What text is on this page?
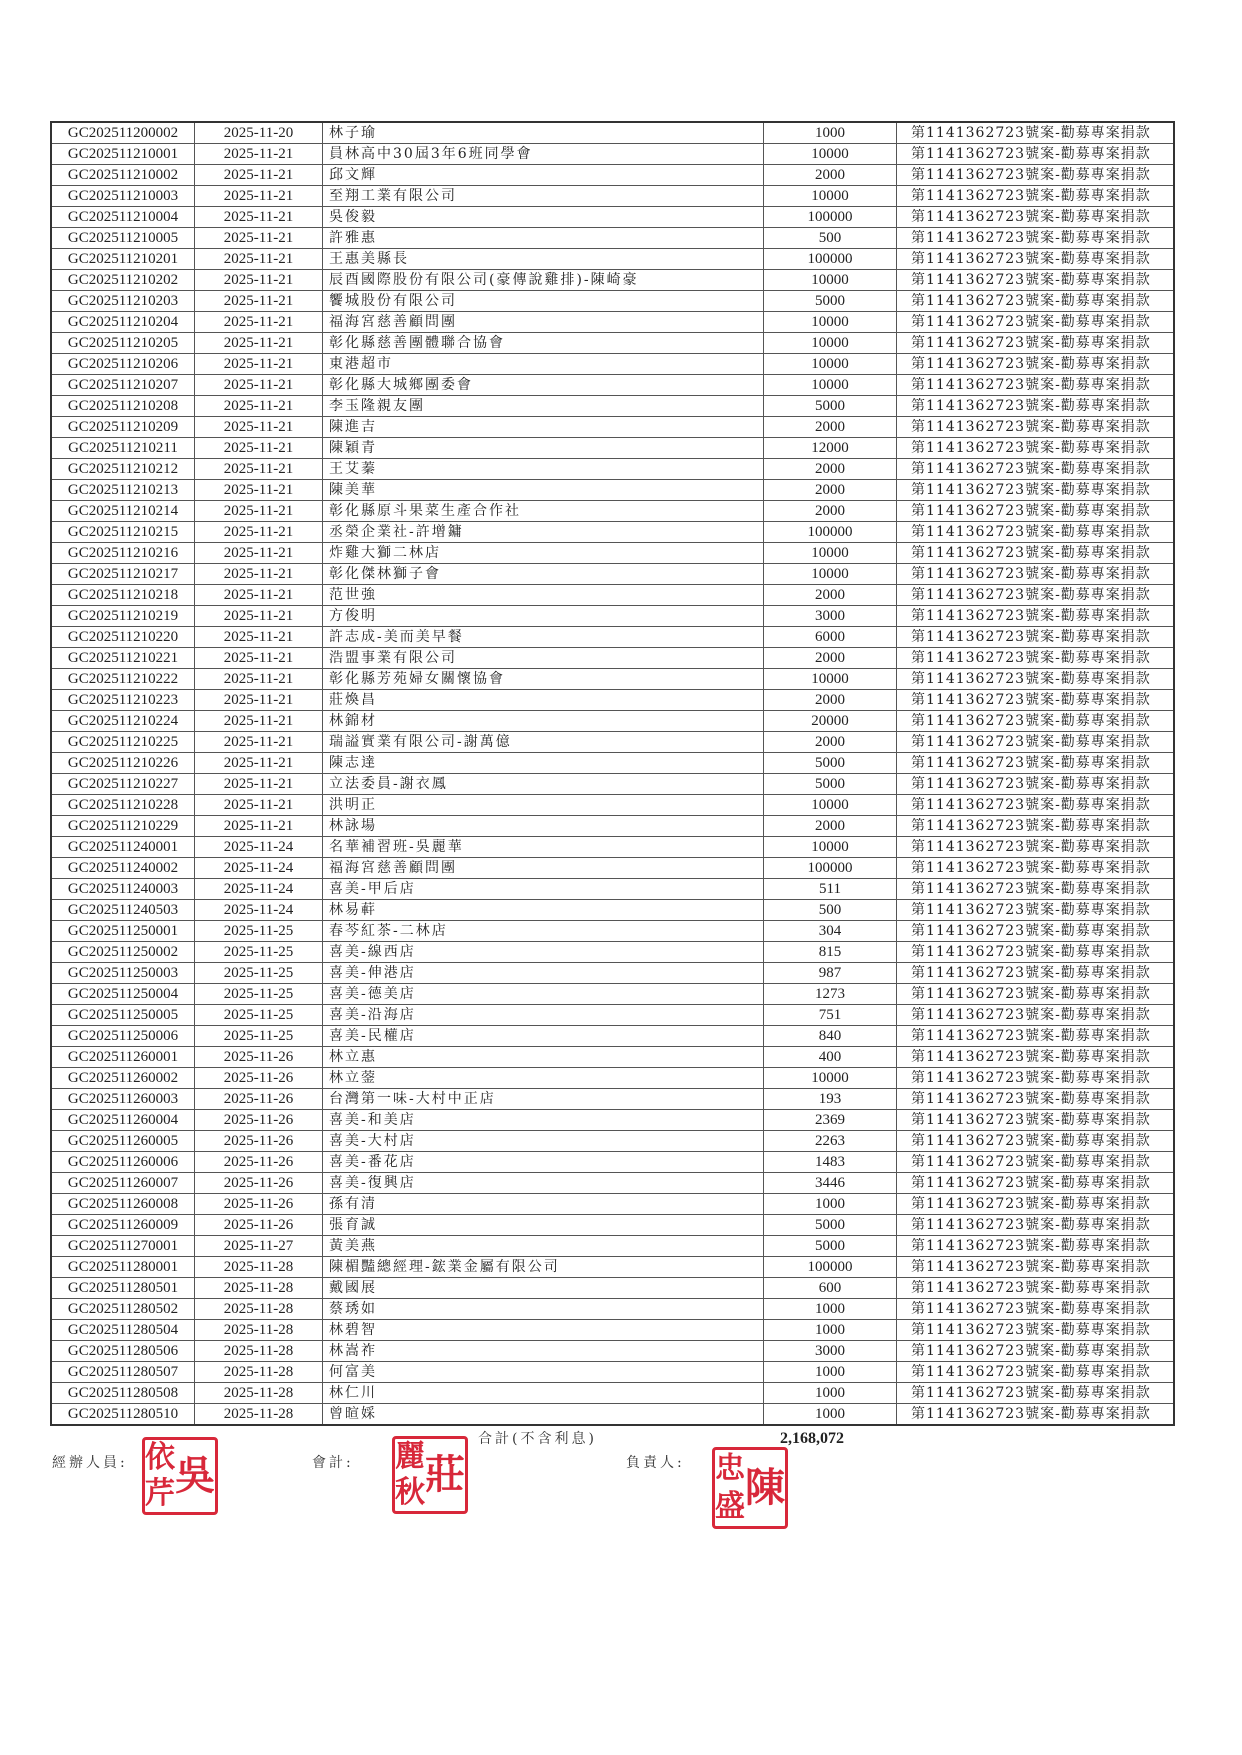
GC202511200002	2025-11-20	林子瑜	1000	第1141362723號案-勸募專案捐款
GC202511210001	2025-11-21	員林高中30屆3年6班同學會	10000	第1141362723號案-勸募專案捐款
GC202511210002	2025-11-21	邱文輝	2000	第1141362723號案-勸募專案捐款
GC202511210003	2025-11-21	至翔工業有限公司	10000	第1141362723號案-勸募專案捐款
GC202511210004	2025-11-21	吳俊毅	100000	第1141362723號案-勸募專案捐款
GC202511210005	2025-11-21	許雅惠	500	第1141362723號案-勸募專案捐款
GC202511210201	2025-11-21	王惠美縣長	100000	第1141362723號案-勸募專案捐款
GC202511210202	2025-11-21	辰酉國際股份有限公司(豪傳說雞排)-陳崎豪	10000	第1141362723號案-勸募專案捐款
GC202511210203	2025-11-21	饗城股份有限公司	5000	第1141362723號案-勸募專案捐款
GC202511210204	2025-11-21	福海宮慈善顧問團	10000	第1141362723號案-勸募專案捐款
GC202511210205	2025-11-21	彰化縣慈善團體聯合協會	10000	第1141362723號案-勸募專案捐款
GC202511210206	2025-11-21	東港超市	10000	第1141362723號案-勸募專案捐款
GC202511210207	2025-11-21	彰化縣大城鄉團委會	10000	第1141362723號案-勸募專案捐款
GC202511210208	2025-11-21	李玉隆親友團	5000	第1141362723號案-勸募專案捐款
GC202511210209	2025-11-21	陳進吉	2000	第1141362723號案-勸募專案捐款
GC202511210211	2025-11-21	陳穎青	12000	第1141362723號案-勸募專案捐款
GC202511210212	2025-11-21	王艾蓁	2000	第1141362723號案-勸募專案捐款
GC202511210213	2025-11-21	陳美華	2000	第1141362723號案-勸募專案捐款
GC202511210214	2025-11-21	彰化縣原斗果菜生產合作社	2000	第1141362723號案-勸募專案捐款
GC202511210215	2025-11-21	丞榮企業社-許增鏞	100000	第1141362723號案-勸募專案捐款
GC202511210216	2025-11-21	炸雞大獅二林店	10000	第1141362723號案-勸募專案捐款
GC202511210217	2025-11-21	彰化傑林獅子會	10000	第1141362723號案-勸募專案捐款
GC202511210218	2025-11-21	范世強	2000	第1141362723號案-勸募專案捐款
GC202511210219	2025-11-21	方俊明	3000	第1141362723號案-勸募專案捐款
GC202511210220	2025-11-21	許志成-美而美早餐	6000	第1141362723號案-勸募專案捐款
GC202511210221	2025-11-21	浩盟事業有限公司	2000	第1141362723號案-勸募專案捐款
GC202511210222	2025-11-21	彰化縣芳苑婦女關懷協會	10000	第1141362723號案-勸募專案捐款
GC202511210223	2025-11-21	莊煥昌	2000	第1141362723號案-勸募專案捐款
GC202511210224	2025-11-21	林錦材	20000	第1141362723號案-勸募專案捐款
GC202511210225	2025-11-21	瑞謚實業有限公司-謝萬億	2000	第1141362723號案-勸募專案捐款
GC202511210226	2025-11-21	陳志達	5000	第1141362723號案-勸募專案捐款
GC202511210227	2025-11-21	立法委員-謝衣鳳	5000	第1141362723號案-勸募專案捐款
GC202511210228	2025-11-21	洪明正	10000	第1141362723號案-勸募專案捐款
GC202511210229	2025-11-21	林詠場	2000	第1141362723號案-勸募專案捐款
GC202511240001	2025-11-24	名華補習班-吳麗華	10000	第1141362723號案-勸募專案捐款
GC202511240002	2025-11-24	福海宮慈善顧問團	100000	第1141362723號案-勸募專案捐款
GC202511240003	2025-11-24	喜美-甲后店	511	第1141362723號案-勸募專案捐款
GC202511240503	2025-11-24	林易蓒	500	第1141362723號案-勸募專案捐款
GC202511250001	2025-11-25	春芩紅茶-二林店	304	第1141362723號案-勸募專案捐款
GC202511250002	2025-11-25	喜美-線西店	815	第1141362723號案-勸募專案捐款
GC202511250003	2025-11-25	喜美-伸港店	987	第1141362723號案-勸募專案捐款
GC202511250004	2025-11-25	喜美-德美店	1273	第1141362723號案-勸募專案捐款
GC202511250005	2025-11-25	喜美-沿海店	751	第1141362723號案-勸募專案捐款
GC202511250006	2025-11-25	喜美-民權店	840	第1141362723號案-勸募專案捐款
GC202511260001	2025-11-26	林立惠	400	第1141362723號案-勸募專案捐款
GC202511260002	2025-11-26	林立蓥	10000	第1141362723號案-勸募專案捐款
GC202511260003	2025-11-26	台灣第一味-大村中正店	193	第1141362723號案-勸募專案捐款
GC202511260004	2025-11-26	喜美-和美店	2369	第1141362723號案-勸募專案捐款
GC202511260005	2025-11-26	喜美-大村店	2263	第1141362723號案-勸募專案捐款
GC202511260006	2025-11-26	喜美-番花店	1483	第1141362723號案-勸募專案捐款
GC202511260007	2025-11-26	喜美-復興店	3446	第1141362723號案-勸募專案捐款
GC202511260008	2025-11-26	孫有清	1000	第1141362723號案-勸募專案捐款
GC202511260009	2025-11-26	張育誠	5000	第1141362723號案-勸募專案捐款
GC202511270001	2025-11-27	黃美燕	5000	第1141362723號案-勸募專案捐款
GC202511280001	2025-11-28	陳楣豔總經理-鋐業金屬有限公司	100000	第1141362723號案-勸募專案捐款
GC202511280501	2025-11-28	戴國展	600	第1141362723號案-勸募專案捐款
GC202511280502	2025-11-28	蔡琇如	1000	第1141362723號案-勸募專案捐款
GC202511280504	2025-11-28	林碧智	1000	第1141362723號案-勸募專案捐款
GC202511280506	2025-11-28	林嵩祚	3000	第1141362723號案-勸募專案捐款
GC202511280507	2025-11-28	何富美	1000	第1141362723號案-勸募專案捐款
GC202511280508	2025-11-28	林仁川	1000	第1141362723號案-勸募專案捐款
GC202511280510	2025-11-28	曾暄婇	1000	第1141362723號案-勸募專案捐款
合計(不含利息)	2,168,072
經辦人員: 吳
依
芹
會計: 莊
麗
秋
負責人:
陳
忠
盛
